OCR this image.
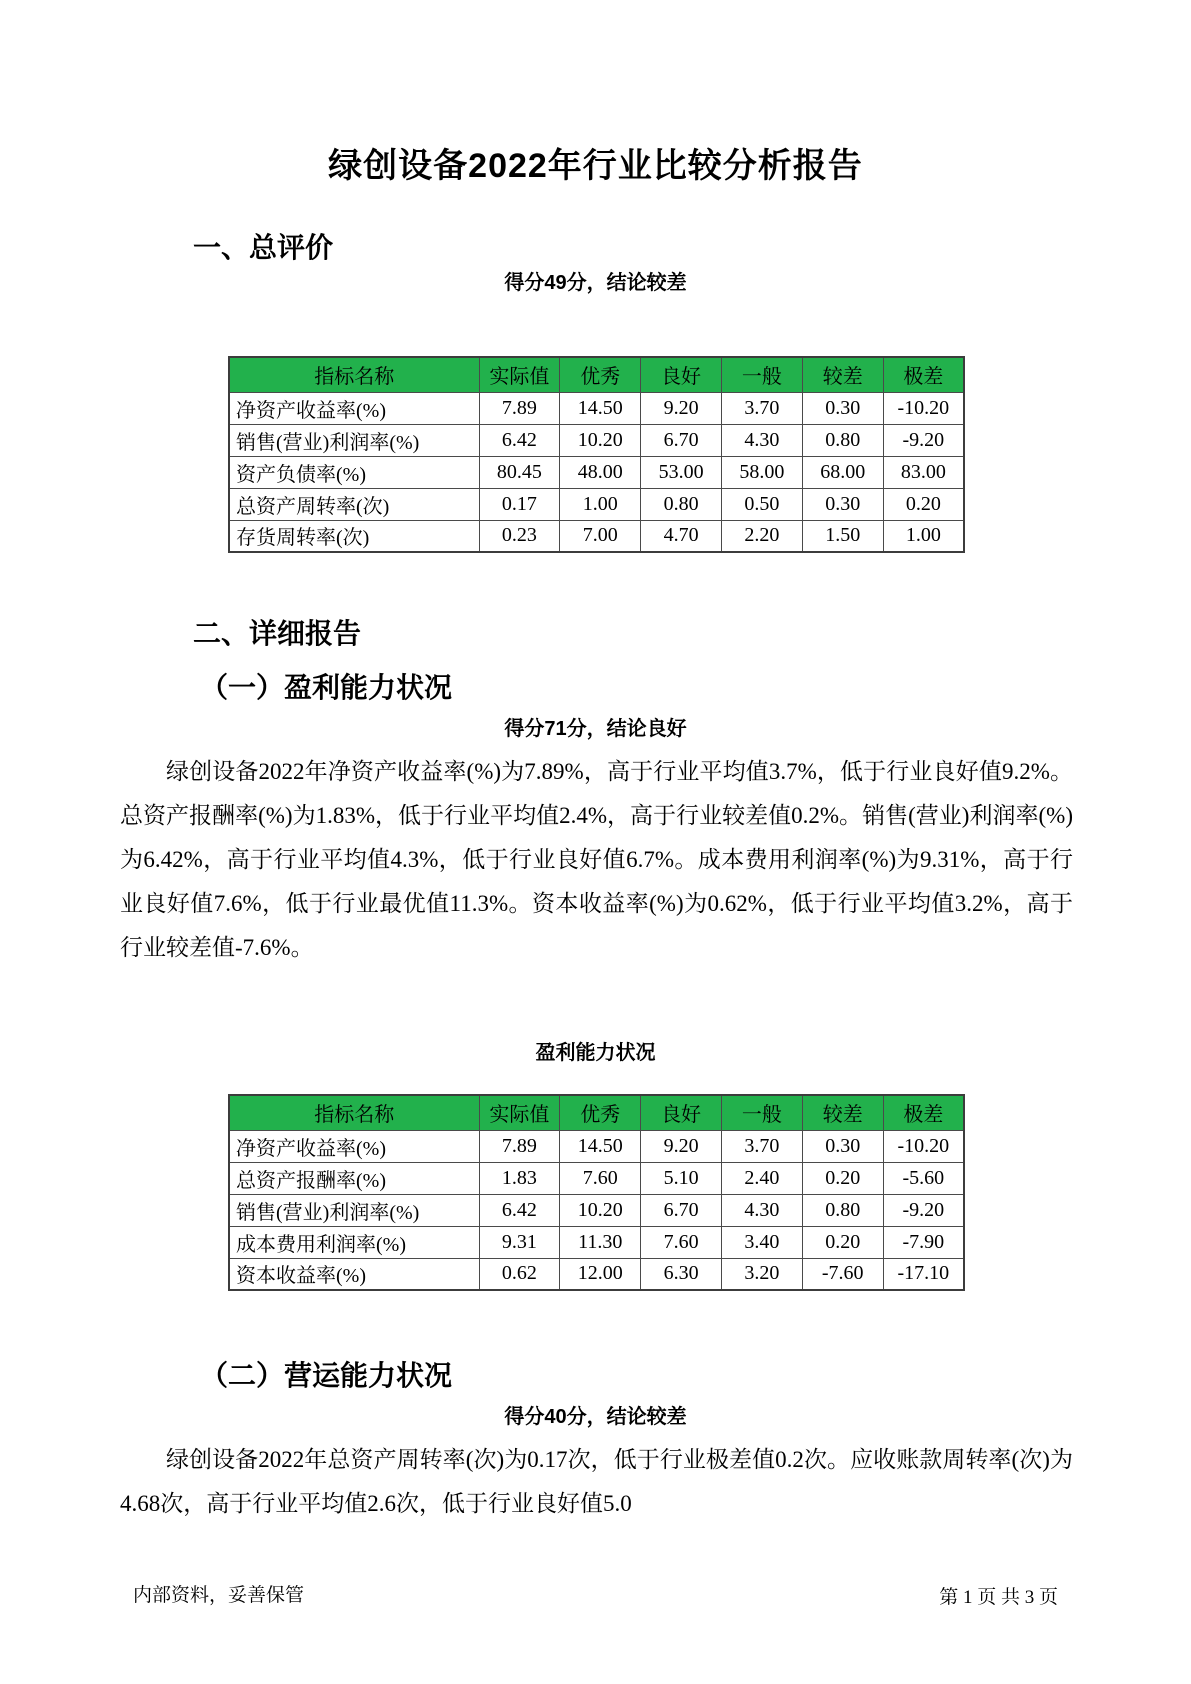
绿创设备2022年行业比较分析报告
一、总评价
得分49分，结论较差
指标名称	实际值	优秀	良好	一般	较差	极差
净资产收益率(%)	7.89	14.50	9.20	3.70	0.30	-10.20
销售(营业)利润率(%)	6.42	10.20	6.70	4.30	0.80	-9.20
资产负债率(%)	80.45	48.00	53.00	58.00	68.00	83.00
总资产周转率(次)	0.17	1.00	0.80	0.50	0.30	0.20
存货周转率(次)	0.23	7.00	4.70	2.20	1.50	1.00
二、详细报告
（一）盈利能力状况
得分71分，结论良好
绿创设备2022年净资产收益率(%)为7.89%，高于行业平均值3.7%，低于行业良好值9.2%。总资产报酬率(%)为1.83%，低于行业平均值2.4%，高于行业较差值0.2%。销售(营业)利润率(%)为6.42%，高于行业平均值4.3%，低于行业良好值6.7%。成本费用利润率(%)为9.31%，高于行业良好值7.6%，低于行业最优值11.3%。资本收益率(%)为0.62%，低于行业平均值3.2%，高于行业较差值-7.6%。
盈利能力状况
指标名称	实际值	优秀	良好	一般	较差	极差
净资产收益率(%)	7.89	14.50	9.20	3.70	0.30	-10.20
总资产报酬率(%)	1.83	7.60	5.10	2.40	0.20	-5.60
销售(营业)利润率(%)	6.42	10.20	6.70	4.30	0.80	-9.20
成本费用利润率(%)	9.31	11.30	7.60	3.40	0.20	-7.90
资本收益率(%)	0.62	12.00	6.30	3.20	-7.60	-17.10
（二）营运能力状况
得分40分，结论较差
绿创设备2022年总资产周转率(次)为0.17次，低于行业极差值0.2次。应收账款周转率(次)为4.68次，高于行业平均值2.6次，低于行业良好值5.0
内部资料，妥善保管	第 1 页 共 3 页
